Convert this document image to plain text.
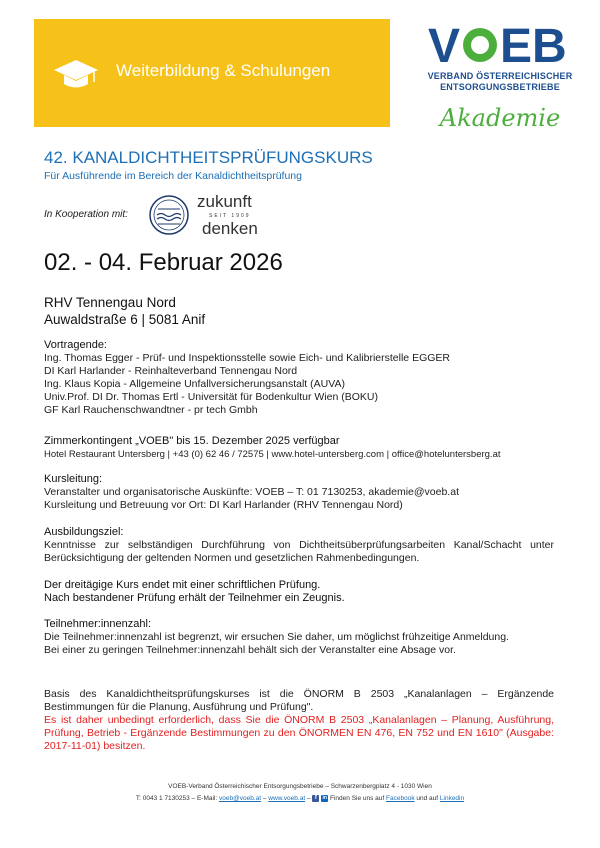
Weiterbildung & Schulungen V EB
VERBAND ÖSTERREICHISCHER
ENTSORGUNGSBETRIEBE
Akademie
42. KANALDICHTHEITSPRÜFUNGSKURS
Für Ausführende im Bereich der Kanaldichtheitsprüfung
In Kooperation mit:
zukunft
SEIT 1909
denken
02. - 04. Februar 2026
RHV Tennengau Nord
Auwaldstraße 6 | 5081 Anif
Vortragende:
Ing. Thomas Egger - Prüf- und Inspektionsstelle sowie Eich- und Kalibrierstelle EGGER
DI Karl Harlander - Reinhalteverband Tennengau Nord
Ing. Klaus Kopia - Allgemeine Unfallversicherungsanstalt (AUVA)
Univ.Prof. DI Dr. Thomas Ertl - Universität für Bodenkultur Wien (BOKU)
GF Karl Rauchenschwandtner - pr tech Gmbh
Zimmerkontingent „VOEB" bis 15. Dezember 2025 verfügbar
Hotel Restaurant Untersberg | +43 (0) 62 46 / 72575 | www.hotel-untersberg.com | office@hoteluntersberg.at
Kursleitung:
Veranstalter und organisatorische Auskünfte: VOEB – T: 01 7130253, akademie@voeb.at
Kursleitung und Betreuung vor Ort: DI Karl Harlander (RHV Tennengau Nord)
Ausbildungsziel:
Kenntnisse zur selbständigen Durchführung von Dichtheitsüberprüfungsarbeiten Kanal/Schacht unter Berücksichtigung der geltenden Normen und gesetzlichen Rahmenbedingungen.
Der dreitägige Kurs endet mit einer schriftlichen Prüfung.
Nach bestandener Prüfung erhält der Teilnehmer ein Zeugnis.
Teilnehmer:innenzahl:
Die Teilnehmer:innenzahl ist begrenzt, wir ersuchen Sie daher, um möglichst frühzeitige Anmeldung.
Bei einer zu geringen Teilnehmer:innenzahl behält sich der Veranstalter eine Absage vor.
Basis des Kanaldichtheitsprüfungskurses ist die ÖNORM B 2503 „Kanalanlagen – Ergänzende Bestimmungen für die Planung, Ausführung und Prüfung".
Es ist daher unbedingt erforderlich, dass Sie die ÖNORM B 2503 „Kanalanlagen – Planung, Ausführung, Prüfung, Betrieb - Ergänzende Bestimmungen zu den ÖNORMEN EN 476, EN 752 und EN 1610" (Ausgabe: 2017-11-01) besitzen.
VOEB-Verband Österreichischer Entsorgungsbetriebe – Schwarzenbergplatz 4 - 1030 Wien
T: 0043 1 7130253 – E-Mail: voeb@voeb.at – www.voeb.at – f in Finden Sie uns auf Facebook und auf Linkedin
